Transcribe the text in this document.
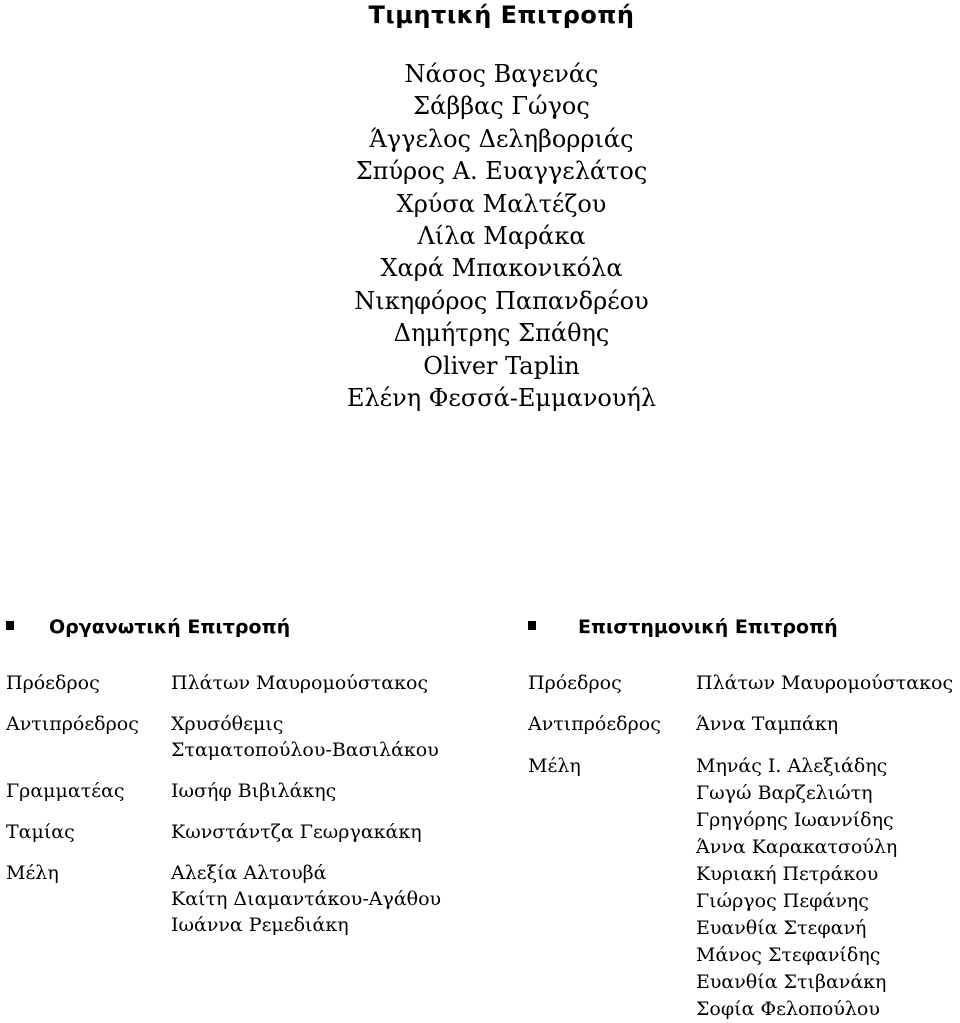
Τιμητική Επιτροπή
Νάσος Βαγενάς
Σάββας Γώγος
Άγγελος Δεληβορριάς
Σπύρος Α. Ευαγγελάτος
Χρύσα Μαλτέζου
Λίλα Μαράκα
Χαρά Μπακονικόλα
Νικηφόρος Παπανδρέου
Δημήτρης Σπάθης
Oliver Taplin
Ελένη Φεσσά-Εμμανουήλ
Οργανωτική Επιτροπή	Επιστημονική Επιτροπή
Πρόεδρος	Πλάτων Μαυρομούστακος
Αντιπρόεδρος Χρυσόθεμις
Σταματοπούλου-Βασιλάκου
Γραμματέας Ιωσήφ Βιβιλάκης
Ταμίας	Κωνστάντζα Γεωργακάκη
Μέλη	Αλεξία Αλτουβά
Καίτη Διαμαντάκου-Αγάθου
Ιωάννα Ρεμεδιάκη
Πρόεδρος	Πλάτων Μαυρομούστακος
Αντιπρόεδρος Άννα Ταμπάκη
Μέλη	Μηνάς Ι. Αλεξιάδης
Γωγώ Βαρζελιώτη
Γρηγόρης Ιωαννίδης
Άννα Καρακατσούλη
Κυριακή Πετράκου
Γιώργος Πεφάνης
Ευανθία Στεφανή
Μάνος Στεφανίδης
Ευανθία Στιβανάκη
Σοφία Φελοπούλου
